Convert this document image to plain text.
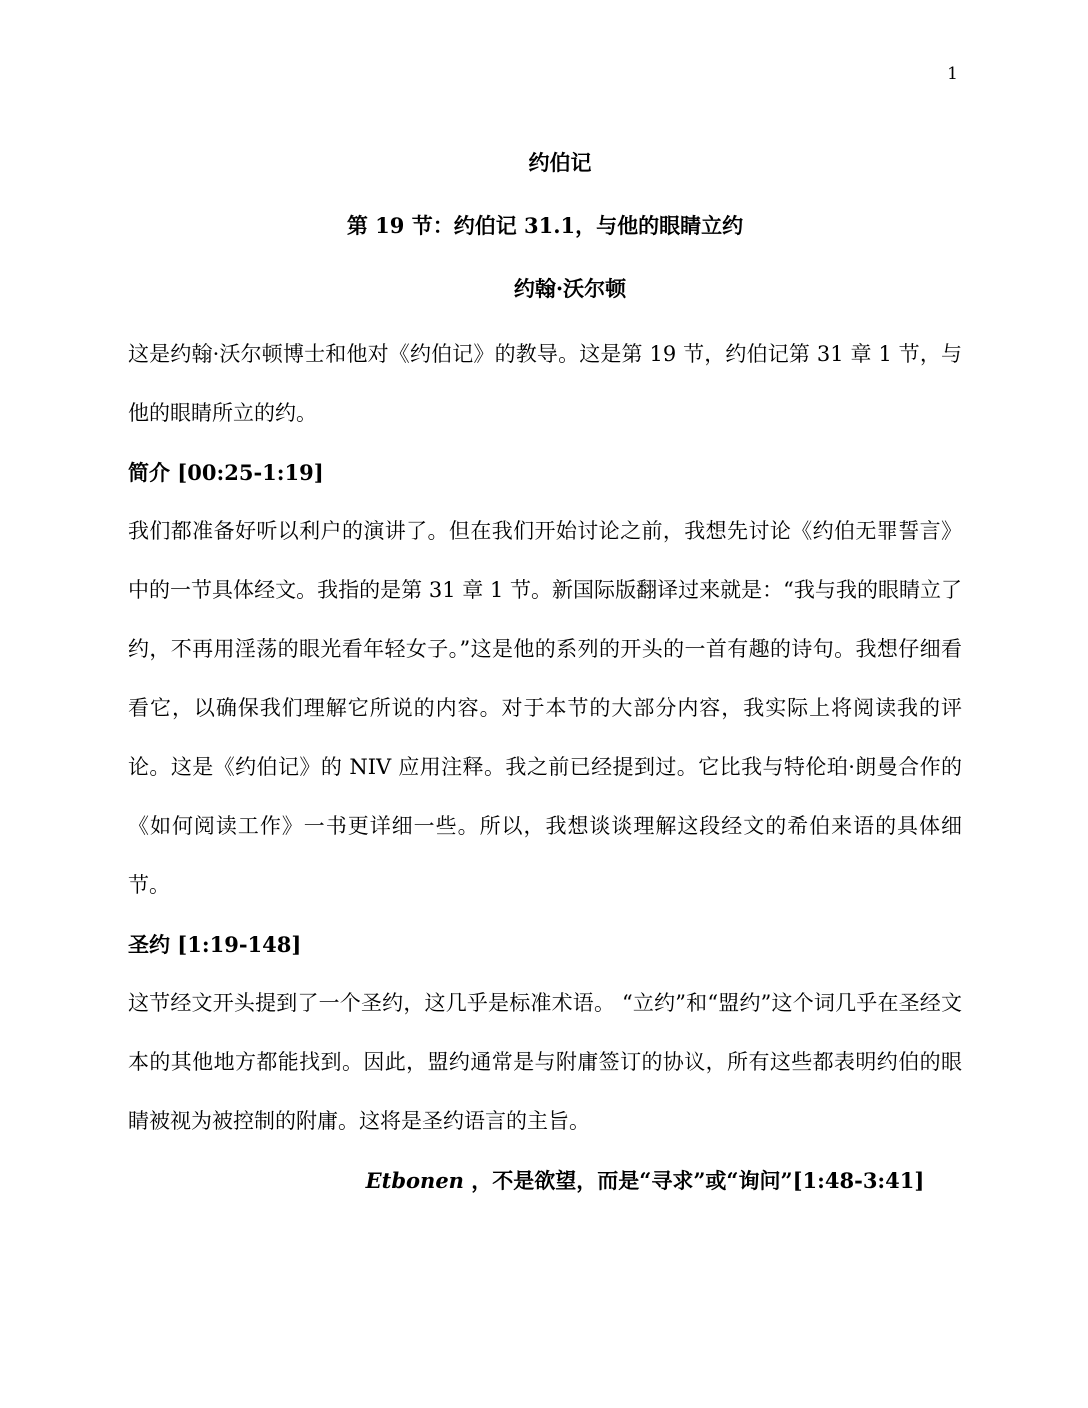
1

约伯记

第 19 节：约伯记 31.1，与他的眼睛立约

约翰·沃尔顿

这是约翰·沃尔顿博士和他对《约伯记》的教导。这是第 19 节，约伯记第 31 章 1 节，与他的眼睛所立的约。

简介 [00:25-1:19]

我们都准备好听以利户的演讲了。但在我们开始讨论之前，我想先讨论《约伯无罪誓言》中的一节具体经文。我指的是第 31 章 1 节。新国际版翻译过来就是：“我与我的眼睛立了约，不再用淫荡的眼光看年轻女子。”这是他的系列的开头的一首有趣的诗句。我想仔细看看它，以确保我们理解它所说的内容。对于本节的大部分内容，我实际上将阅读我的评论。这是《约伯记》的 NIV 应用注释。我之前已经提到过。它比我与特伦珀·朗曼合作的《如何阅读工作》一书更详细一些。所以，我想谈谈理解这段经文的希伯来语的具体细节。

圣约 [1:19-148]

这节经文开头提到了一个圣约，这几乎是标准术语。 “立约”和“盟约”这个词几乎在圣经文本的其他地方都能找到。因此，盟约通常是与附庸签订的协议，所有这些都表明约伯的眼睛被视为被控制的附庸。这将是圣约语言的主旨。

Etbonen ，不是欲望，而是“寻求”或“询问”[1:48-3:41]
